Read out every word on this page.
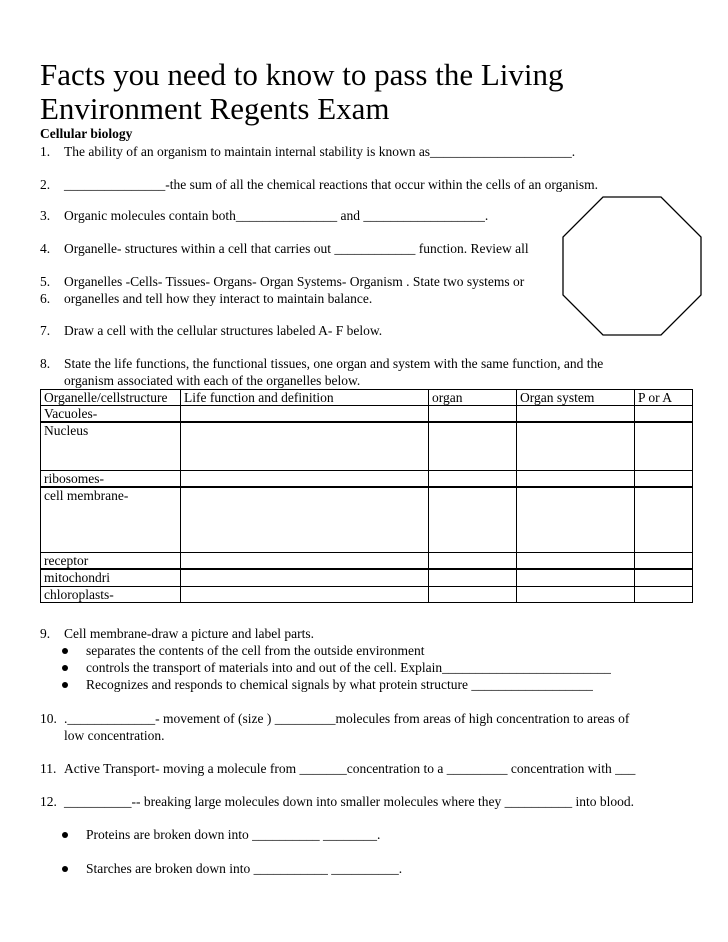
Facts you need to know to pass the Living
Environment Regents Exam
Cellular biology
1. The ability of an organism to maintain internal stability is known as_____________________.
2. _______________-the sum of all the chemical reactions that occur within the cells of an organism.
3. Organic molecules contain both_______________ and __________________.
4. Organelle- structures within a cell that carries out ____________ function. Review all
5. Organelles -Cells- Tissues- Organs- Organ Systems- Organism . State two systems or
6. organelles and tell how they interact to maintain balance.
7. Draw a cell with the cellular structures labeled A- F below.
8. State the life functions, the functional tissues, one organ and system with the same function, and the
organism associated with each of the organelles below.
Organelle/cellstructure	Life function and definition	organ	Organ system	P or A
Vacuoles-				
Nucleus				
ribosomes-				
cell membrane-				
receptor				
mitochondri				
chloroplasts-				
9. Cell membrane-draw a picture and label parts.
separates the contents of the cell from the outside environment
controls the transport of materials into and out of the cell. Explain_________________________
Recognizes and responds to chemical signals by what protein structure __________________
10. ._____________- movement of (size ) _________molecules from areas of high concentration to areas of
low concentration.
11. Active Transport- moving a molecule from _______concentration to a _________ concentration with ___
12. __________-- breaking large molecules down into smaller molecules where they __________ into blood.
Proteins are broken down into __________ ________.
Starches are broken down into ___________ __________.
